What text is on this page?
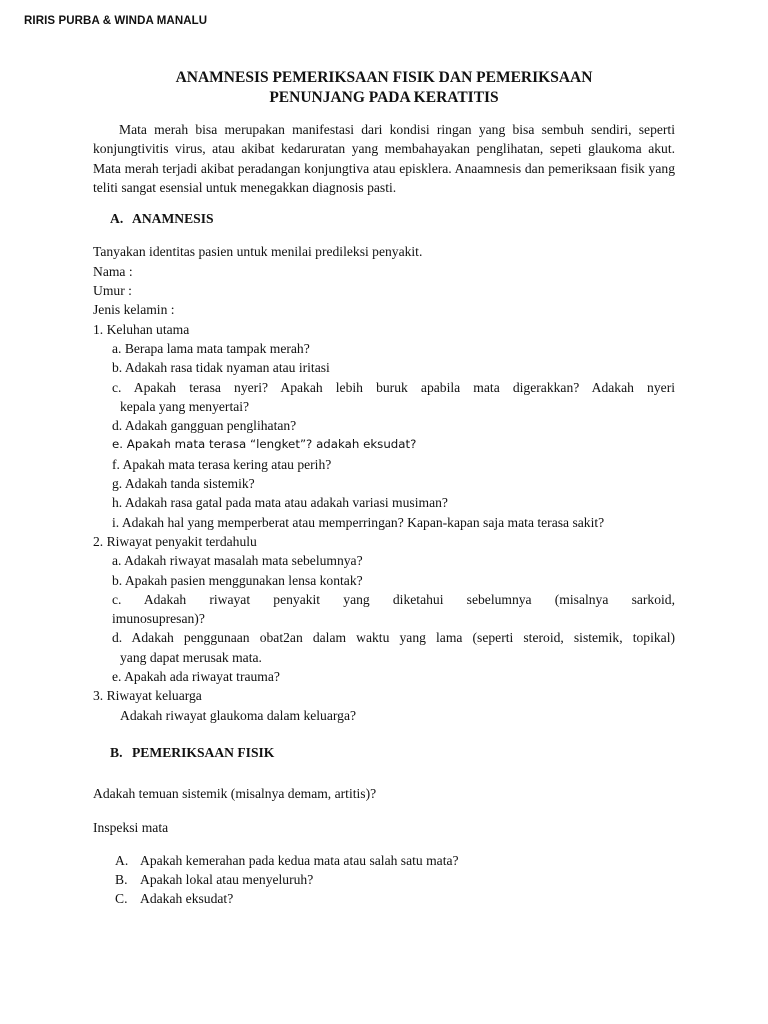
RIRIS PURBA & WINDA MANALU
ANAMNESIS PEMERIKSAAN FISIK DAN PEMERIKSAAN
PENUNJANG PADA KERATITIS

Mata merah bisa merupakan manifestasi dari kondisi ringan yang bisa sembuh sendiri, seperti konjungtivitis virus, atau akibat kedaruratan yang membahayakan penglihatan, sepeti glaukoma akut. Mata merah terjadi akibat peradangan konjungtiva atau episklera. Anaamnesis dan pemeriksaan fisik yang teliti sangat esensial untuk menegakkan diagnosis pasti.

A. ANAMNESIS
Tanyakan identitas pasien untuk menilai predileksi penyakit.
Nama :
Umur :
Jenis kelamin :
1. Keluhan utama
a. Berapa lama mata tampak merah?
b. Adakah rasa tidak nyaman atau iritasi
c. Apakah terasa nyeri? Apakah lebih buruk apabila mata digerakkan? Adakah nyeri
kepala yang menyertai?
d. Adakah gangguan penglihatan?
e. Apakah mata terasa “lengket”? adakah eksudat?
f. Apakah mata terasa kering atau perih?
g. Adakah tanda sistemik?
h. Adakah rasa gatal pada mata atau adakah variasi musiman?
i. Adakah hal yang memperberat atau memperringan? Kapan-kapan saja mata terasa sakit?
2. Riwayat penyakit terdahulu
a. Adakah riwayat masalah mata sebelumnya?
b. Apakah pasien menggunakan lensa kontak?
c. Adakah riwayat penyakit yang diketahui sebelumnya (misalnya sarkoid,
imunosupresan)?
d. Adakah penggunaan obat2an dalam waktu yang lama (seperti steroid, sistemik, topikal)
yang dapat merusak mata.
e. Apakah ada riwayat trauma?
3. Riwayat keluarga
Adakah riwayat glaukoma dalam keluarga?
B. PEMERIKSAAN FISIK
Adakah temuan sistemik (misalnya demam, artitis)?
Inspeksi mata
A. Apakah kemerahan pada kedua mata atau salah satu mata?
B. Apakah lokal atau menyeluruh?
C. Adakah eksudat?
